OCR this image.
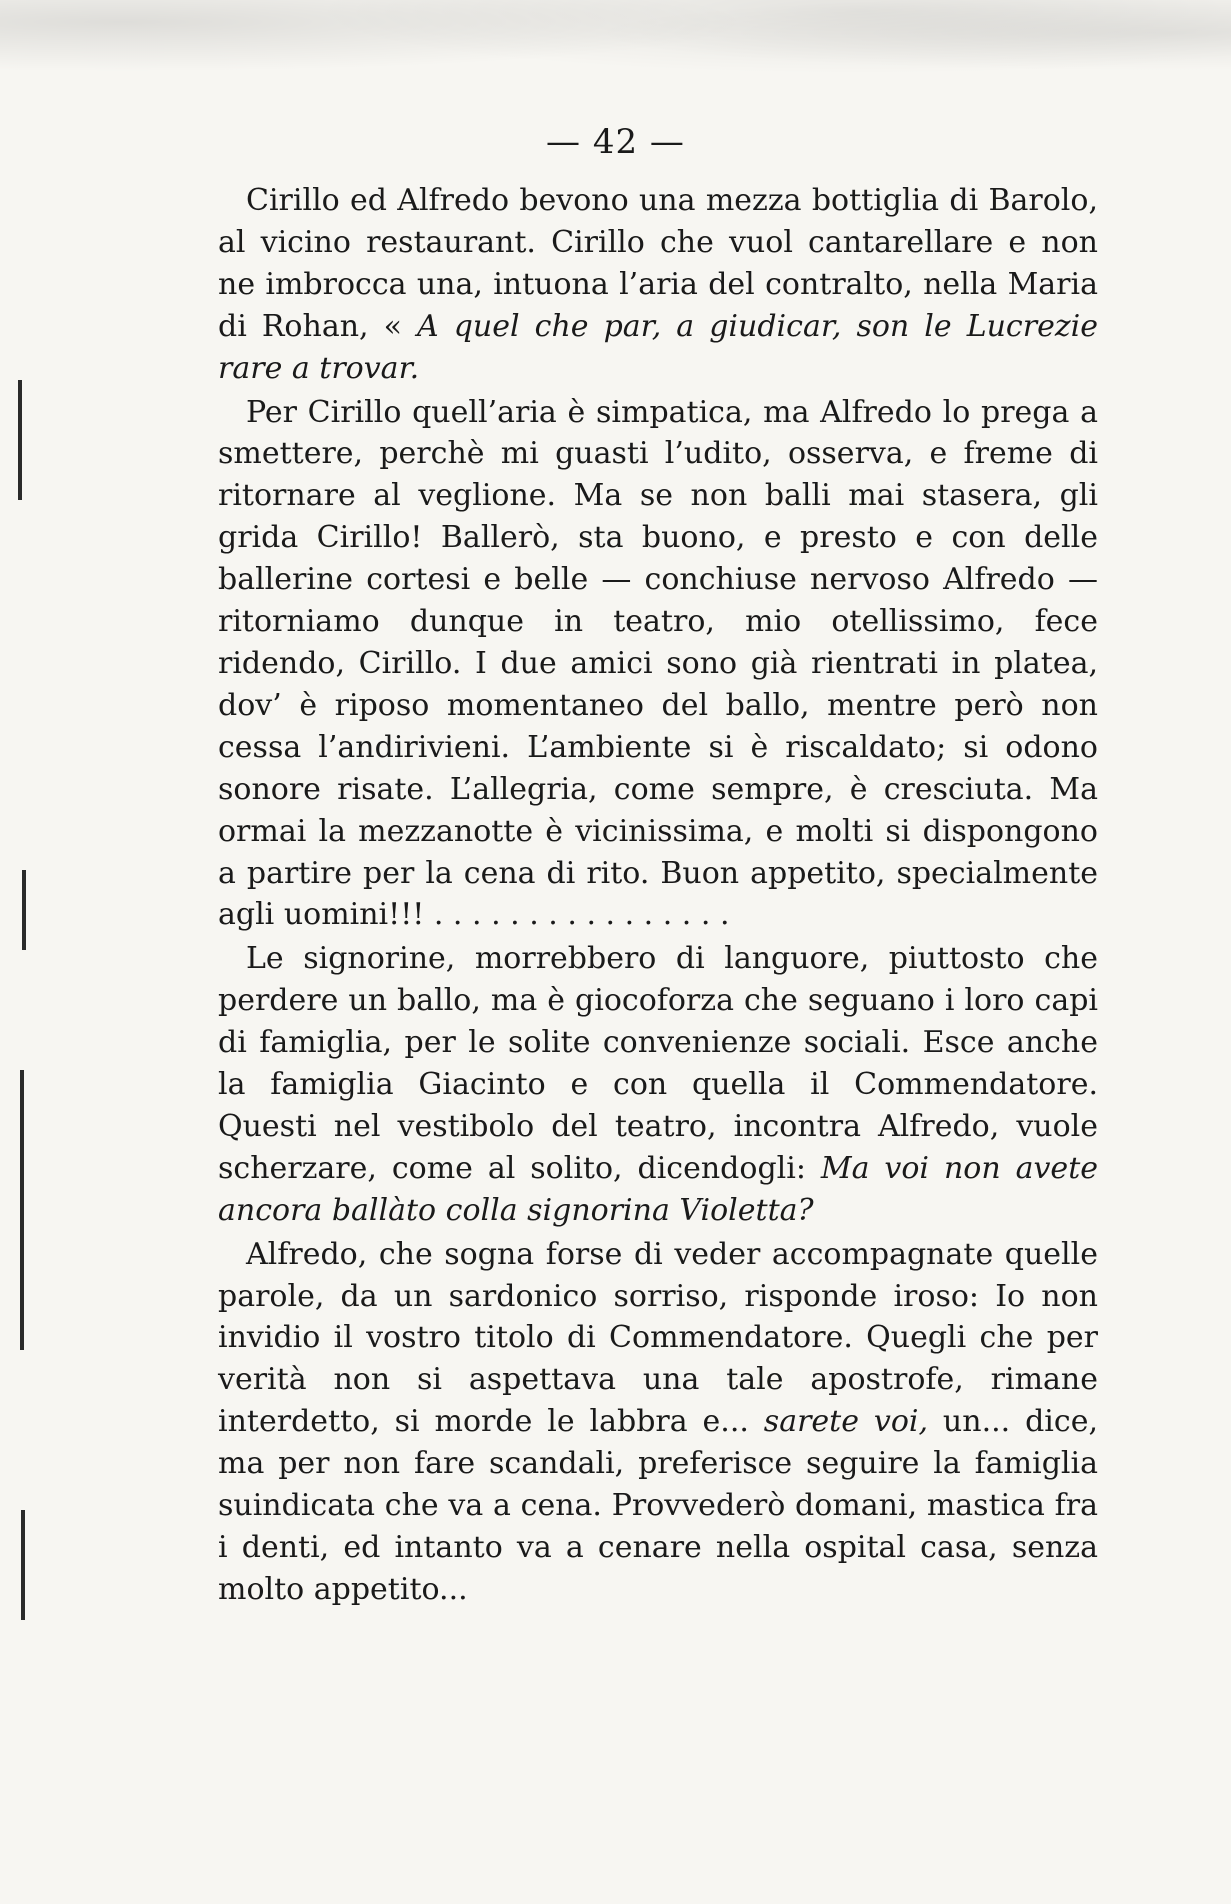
— 42 —

Cirillo ed Alfredo bevono una mezza bottiglia di Barolo, al vicino restaurant. Cirillo che vuol cantarellare e non ne imbrocca una, intuona l’aria del contralto, nella Maria di Rohan, « A quel che par, a giudicar, son le Lucrezie rare a trovar.

Per Cirillo quell’aria è simpatica, ma Alfredo lo prega a smettere, perchè mi guasti l’udito, osserva, e freme di ritornare al veglione. Ma se non balli mai stasera, gli grida Cirillo! Ballerò, sta buono, e presto e con delle ballerine cortesi e belle — conchiuse nervoso Alfredo — ritorniamo dunque in teatro, mio otellissimo, fece ridendo, Cirillo. I due amici sono già rientrati in platea, dov’ è riposo momentaneo del ballo, mentre però non cessa l’andirivieni. L’ambiente si è riscaldato; si odono sonore risate. L’allegria, come sempre, è cresciuta. Ma ormai la mezzanotte è vicinissima, e molti si dispongono a partire per la cena di rito. Buon appetito, specialmente agli uomini!!! . . . . . . . . . . . . . . . .

Le signorine, morrebbero di languore, piuttosto che perdere un ballo, ma è giocoforza che seguano i loro capi di famiglia, per le solite convenienze sociali. Esce anche la famiglia Giacinto e con quella il Commendatore. Questi nel vestibolo del teatro, incontra Alfredo, vuole scherzare, come al solito, dicendogli: Ma voi non avete ancora ballàto colla signorina Violetta?

Alfredo, che sogna forse di veder accompagnate quelle parole, da un sardonico sorriso, risponde iroso: Io non invidio il vostro titolo di Commendatore. Quegli che per verità non si aspettava una tale apostrofe, rimane interdetto, si morde le labbra e... sarete voi, un... dice, ma per non fare scandali, preferisce seguire la famiglia suindicata che va a cena. Provvederò domani, mastica fra i denti, ed intanto va a cenare nella ospital casa, senza molto appetito...
